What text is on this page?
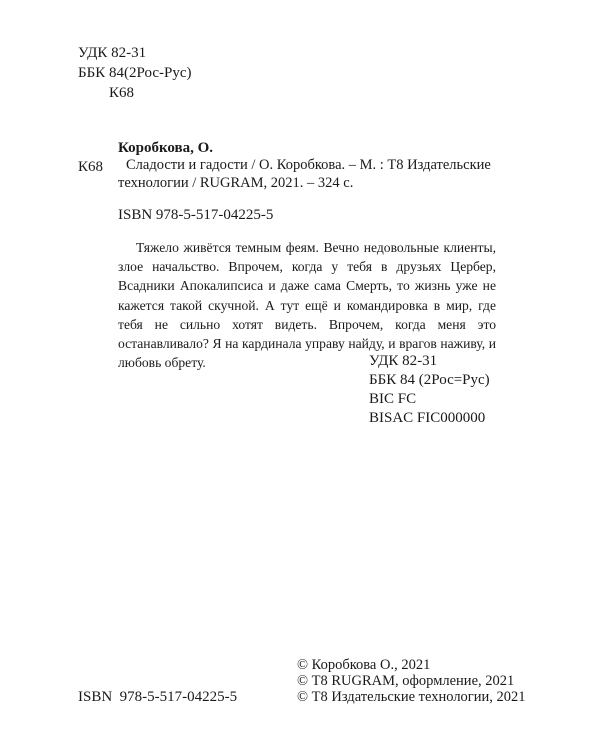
УДК 82-31
ББК 84(2Рос-Рус)
К68
Коробкова, О.
К68	Сладости и гадости / О. Коробкова. – М. : Т8 Издательские технологии / RUGRAM, 2021. – 324 с.
ISBN 978-5-517-04225-5
Тяжело живётся темным феям. Вечно недовольные клиенты, злое начальство. Впрочем, когда у тебя в друзьях Цербер, Всадники Апокалипсиса и даже сама Смерть, то жизнь уже не кажется такой скучной. А тут ещё и командировка в мир, где тебя не сильно хотят видеть. Впрочем, когда меня это останавливало? Я на кардинала управу найду, и врагов наживу, и любовь обрету.	УДК 82-31
ББК 84 (2Рос=Рус)
BIC FC
BISAC FIC000000
© Коробкова О., 2021
© Т8 RUGRAM, оформление, 2021
© Т8 Издательские технологии, 2021
ISBN  978-5-517-04225-5
